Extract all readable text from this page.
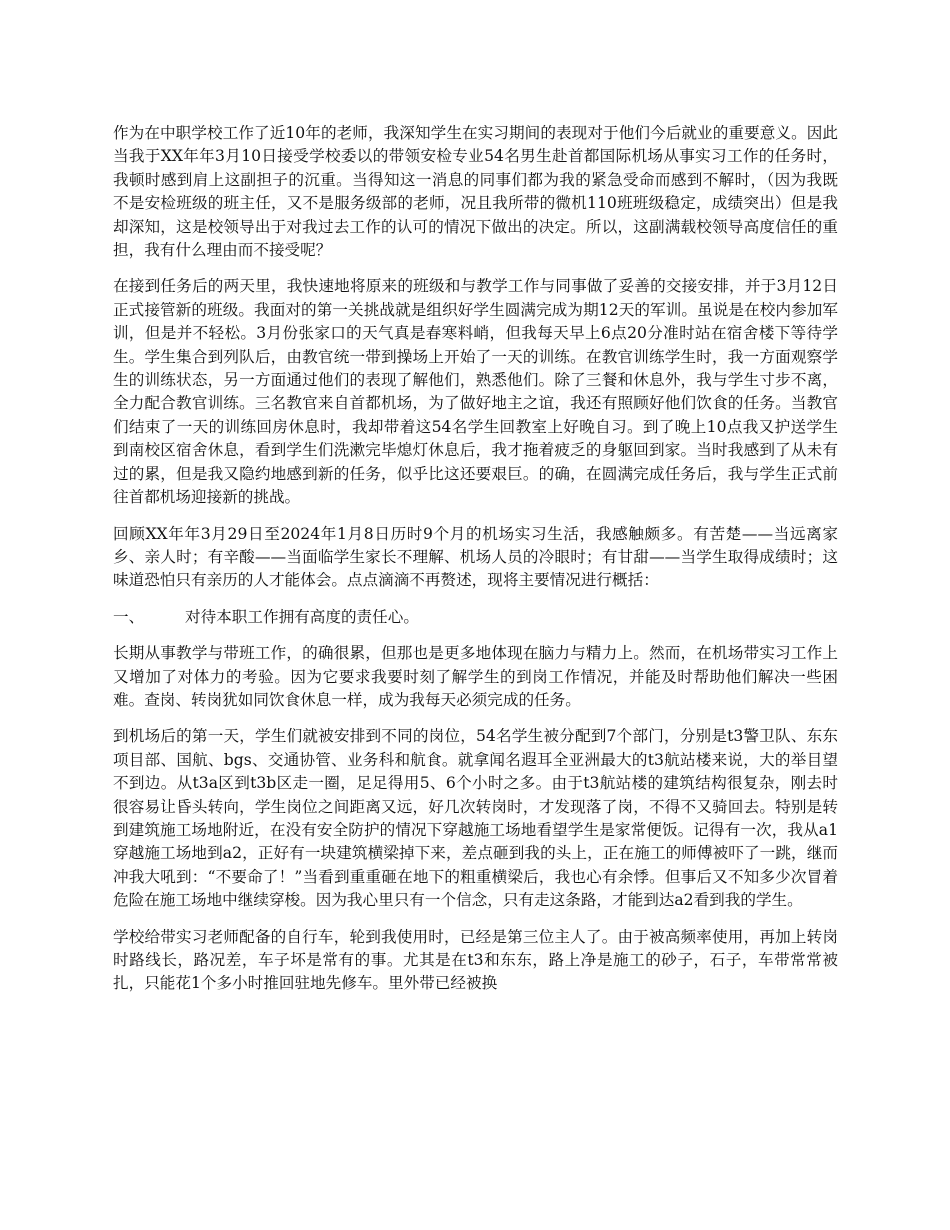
作为在中职学校工作了近10年的老师，我深知学生在实习期间的表现对于他们今后就业的重要意义。因此当我于XX年年3月10日接受学校委以的带领安检专业54名男生赴首都国际机场从事实习工作的任务时，我顿时感到肩上这副担子的沉重。当得知这一消息的同事们都为我的紧急受命而感到不解时，（因为我既不是安检班级的班主任，又不是服务级部的老师，况且我所带的微机110班班级稳定，成绩突出）但是我却深知，这是校领导出于对我过去工作的认可的情况下做出的决定。所以，这副满载校领导高度信任的重担，我有什么理由而不接受呢？

在接到任务后的两天里，我快速地将原来的班级和与教学工作与同事做了妥善的交接安排，并于3月12日正式接管新的班级。我面对的第一关挑战就是组织好学生圆满完成为期12天的军训。虽说是在校内参加军训，但是并不轻松。3月份张家口的天气真是春寒料峭，但我每天早上6点20分准时站在宿舍楼下等待学生。学生集合到列队后，由教官统一带到操场上开始了一天的训练。在教官训练学生时，我一方面观察学生的训练状态，另一方面通过他们的表现了解他们，熟悉他们。除了三餐和休息外，我与学生寸步不离，全力配合教官训练。三名教官来自首都机场，为了做好地主之谊，我还有照顾好他们饮食的任务。当教官们结束了一天的训练回房休息时，我却带着这54名学生回教室上好晚自习。到了晚上10点我又护送学生到南校区宿舍休息，看到学生们洗漱完毕熄灯休息后，我才拖着疲乏的身躯回到家。当时我感到了从未有过的累，但是我又隐约地感到新的任务，似乎比这还要艰巨。的确，在圆满完成任务后，我与学生正式前往首都机场迎接新的挑战。

回顾XX年年3月29日至2024年1月8日历时9个月的机场实习生活，我感触颇多。有苦楚——当远离家乡、亲人时；有辛酸——当面临学生家长不理解、机场人员的冷眼时；有甘甜——当学生取得成绩时；这味道恐怕只有亲历的人才能体会。点点滴滴不再赘述，现将主要情况进行概括：

一、	对待本职工作拥有高度的责任心。

长期从事教学与带班工作，的确很累，但那也是更多地体现在脑力与精力上。然而，在机场带实习工作上又增加了对体力的考验。因为它要求我要时刻了解学生的到岗工作情况，并能及时帮助他们解决一些困难。查岗、转岗犹如同饮食休息一样，成为我每天必须完成的任务。

到机场后的第一天，学生们就被安排到不同的岗位，54名学生被分配到7个部门，分别是t3警卫队、东东项目部、国航、bgs、交通协管、业务科和航食。就拿闻名遐耳全亚洲最大的t3航站楼来说，大的举目望不到边。从t3a区到t3b区走一圈，足足得用5、6个小时之多。由于t3航站楼的建筑结构很复杂，刚去时很容易让昏头转向，学生岗位之间距离又远，好几次转岗时，才发现落了岗，不得不又骑回去。特别是转到建筑施工场地附近，在没有安全防护的情况下穿越施工场地看望学生是家常便饭。记得有一次，我从a1穿越施工场地到a2，正好有一块建筑横梁掉下来，差点砸到我的头上，正在施工的师傅被吓了一跳，继而冲我大吼到：“不要命了！”当看到重重砸在地下的粗重横梁后，我也心有余悸。但事后又不知多少次冒着危险在施工场地中继续穿梭。因为我心里只有一个信念，只有走这条路，才能到达a2看到我的学生。

学校给带实习老师配备的自行车，轮到我使用时，已经是第三位主人了。由于被高频率使用，再加上转岗时路线长，路况差，车子坏是常有的事。尤其是在t3和东东，路上净是施工的砂子，石子，车带常常被扎，只能花1个多小时推回驻地先修车。里外带已经被换
